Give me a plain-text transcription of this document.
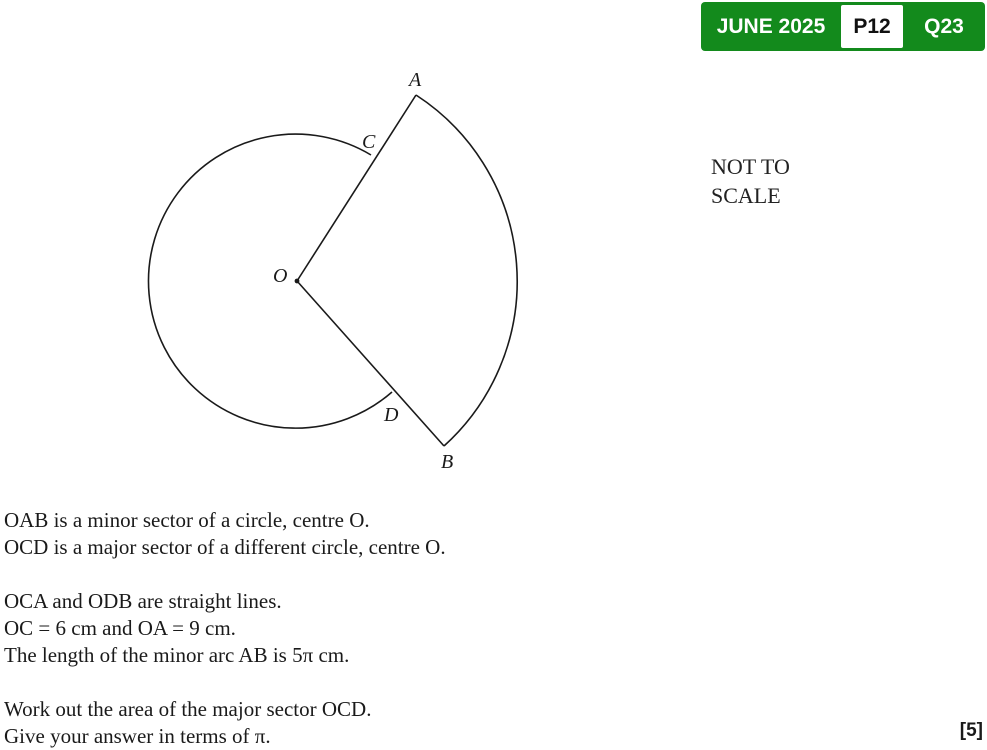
JUNE 2025	P12	Q23
A
C
O
D
B
NOT TO
SCALE

OAB is a minor sector of a circle, centre O.

OCD is a major sector of a different circle, centre O.

OCA and ODB are straight lines.

OC = 6 cm and OA = 9 cm.

The length of the minor arc AB is 5π cm.

Work out the area of the major sector OCD.

Give your answer in terms of π.	[5]
